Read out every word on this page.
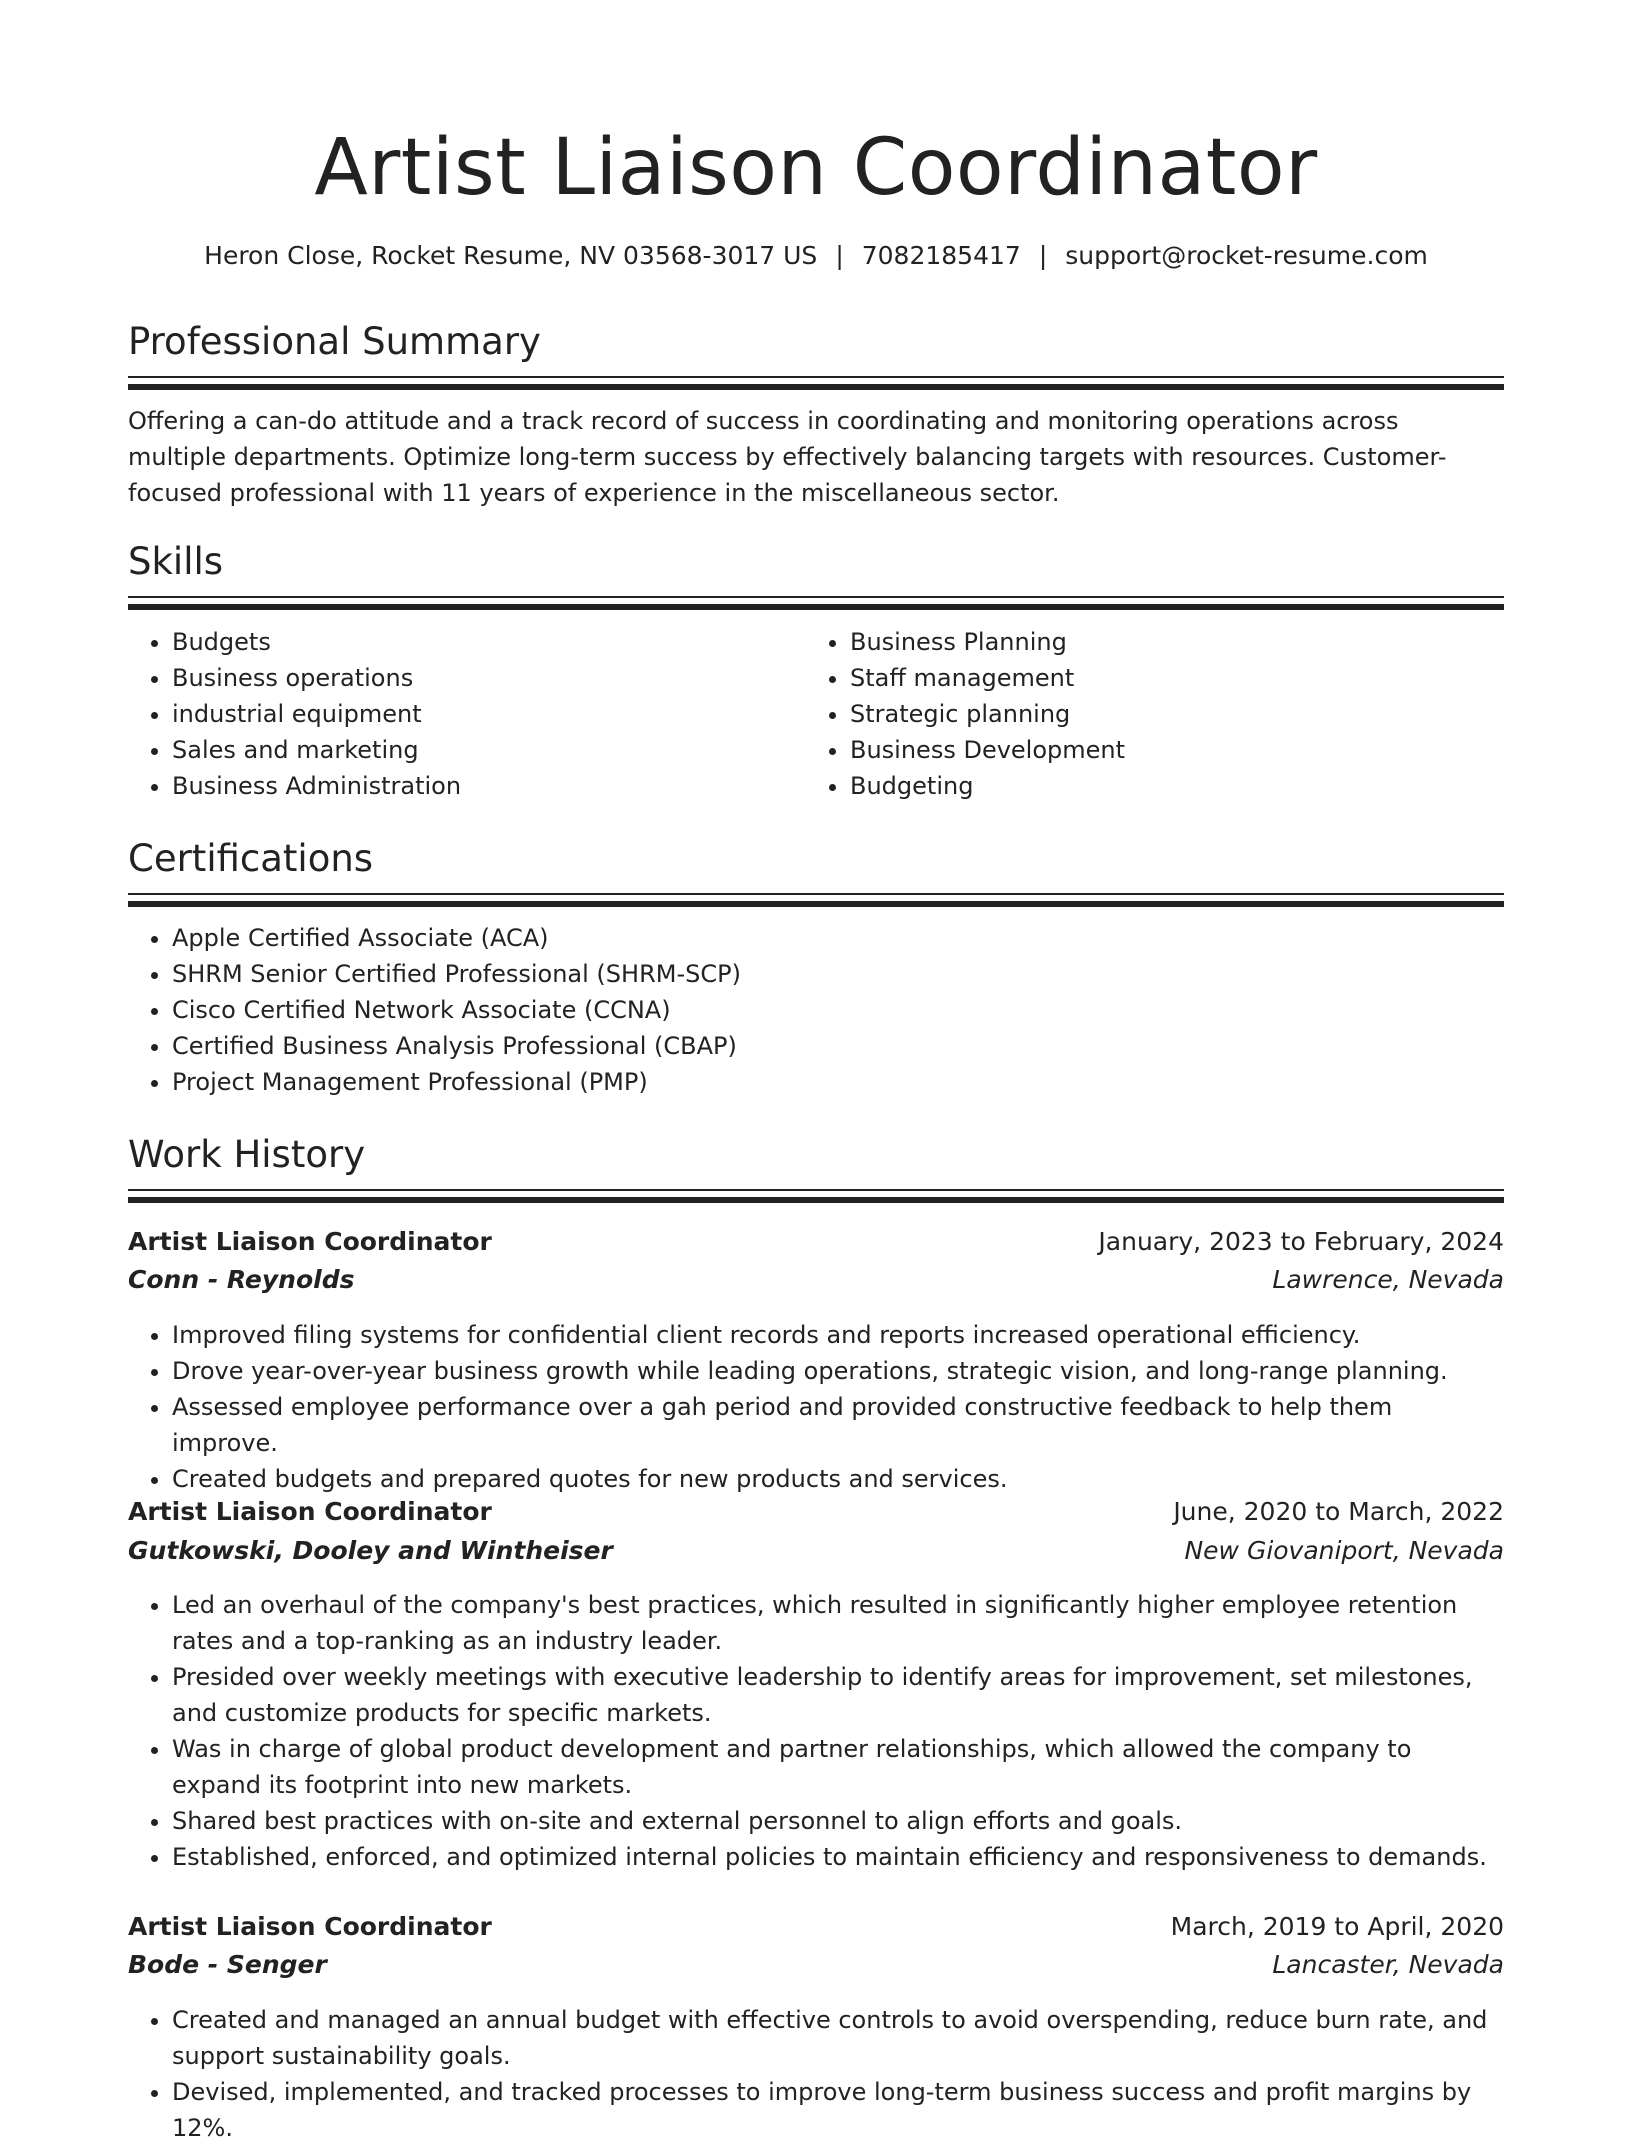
Artist Liaison Coordinator
Heron Close, Rocket Resume, NV 03568-3017 US | 7082185417 | support@rocket-resume.com
Professional Summary

Offering a can-do attitude and a track record of success in coordinating and monitoring operations across multiple departments. Optimize long-term success by effectively balancing targets with resources. Customer-focused professional with 11 years of experience in the miscellaneous sector.

Skills
• Budgets
• Business operations
• industrial equipment
• Sales and marketing
• Business Administration
• Business Planning
• Staff management
• Strategic planning
• Business Development
• Budgeting
Certifications
• Apple Certified Associate (ACA)
• SHRM Senior Certified Professional (SHRM-SCP)
• Cisco Certified Network Associate (CCNA)
• Certified Business Analysis Professional (CBAP)
• Project Management Professional (PMP)
Work History
Artist Liaison Coordinator	January, 2023 to February, 2024
Conn - Reynolds	Lawrence, Nevada
• Improved filing systems for confidential client records and reports increased operational efficiency.
• Drove year-over-year business growth while leading operations, strategic vision, and long-range planning.
• Assessed employee performance over a gah period and provided constructive feedback to help them improve.
• Created budgets and prepared quotes for new products and services.
Artist Liaison Coordinator	June, 2020 to March, 2022
Gutkowski, Dooley and Wintheiser	New Giovaniport, Nevada
• Led an overhaul of the company's best practices, which resulted in significantly higher employee retention rates and a top-ranking as an industry leader.
• Presided over weekly meetings with executive leadership to identify areas for improvement, set milestones, and customize products for specific markets.
• Was in charge of global product development and partner relationships, which allowed the company to expand its footprint into new markets.
• Shared best practices with on-site and external personnel to align efforts and goals.
• Established, enforced, and optimized internal policies to maintain efficiency and responsiveness to demands.
Artist Liaison Coordinator	March, 2019 to April, 2020
Bode - Senger	Lancaster, Nevada
• Created and managed an annual budget with effective controls to avoid overspending, reduce burn rate, and support sustainability goals.
• Devised, implemented, and tracked processes to improve long-term business success and profit margins by 12%.
